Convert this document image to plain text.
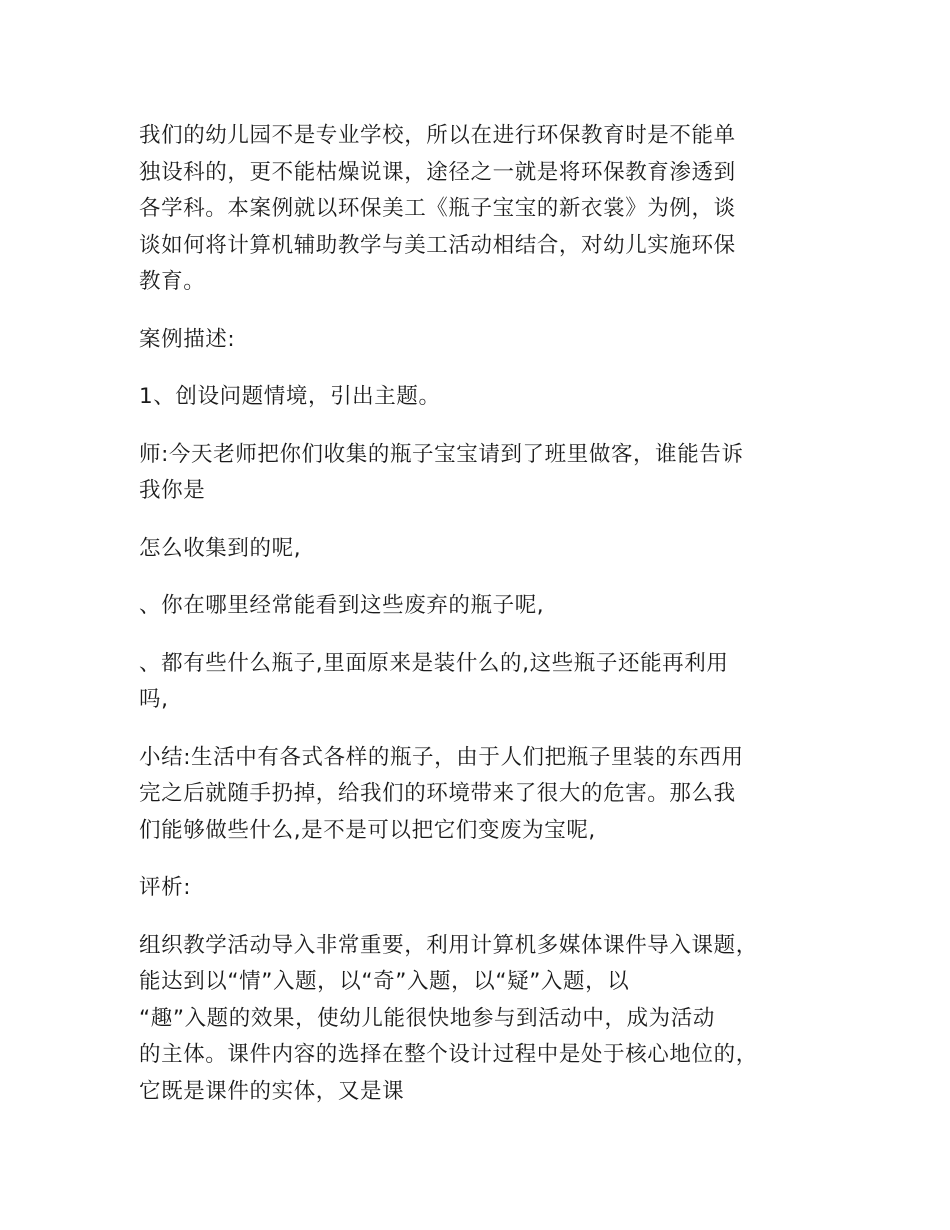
我们的幼儿园不是专业学校，所以在进行环保教育时是不能单
独设科的，更不能枯燥说课，途径之一就是将环保教育渗透到
各学科。本案例就以环保美工《瓶子宝宝的新衣裳》为例，谈
谈如何将计算机辅助教学与美工活动相结合，对幼儿实施环保
教育。

案例描述:

1、创设问题情境，引出主题。

师:今天老师把你们收集的瓶子宝宝请到了班里做客，谁能告诉
我你是

怎么收集到的呢,

、你在哪里经常能看到这些废弃的瓶子呢,

、都有些什么瓶子,里面原来是装什么的,这些瓶子还能再利用
吗,

小结:生活中有各式各样的瓶子，由于人们把瓶子里装的东西用
完之后就随手扔掉，给我们的环境带来了很大的危害。那么我
们能够做些什么,是不是可以把它们变废为宝呢,

评析:

组织教学活动导入非常重要，利用计算机多媒体课件导入课题，
能达到以“情”入题，以“奇”入题，以“疑”入题，以
“趣”入题的效果，使幼儿能很快地参与到活动中，成为活动
的主体。课件内容的选择在整个设计过程中是处于核心地位的，
它既是课件的实体，又是课
